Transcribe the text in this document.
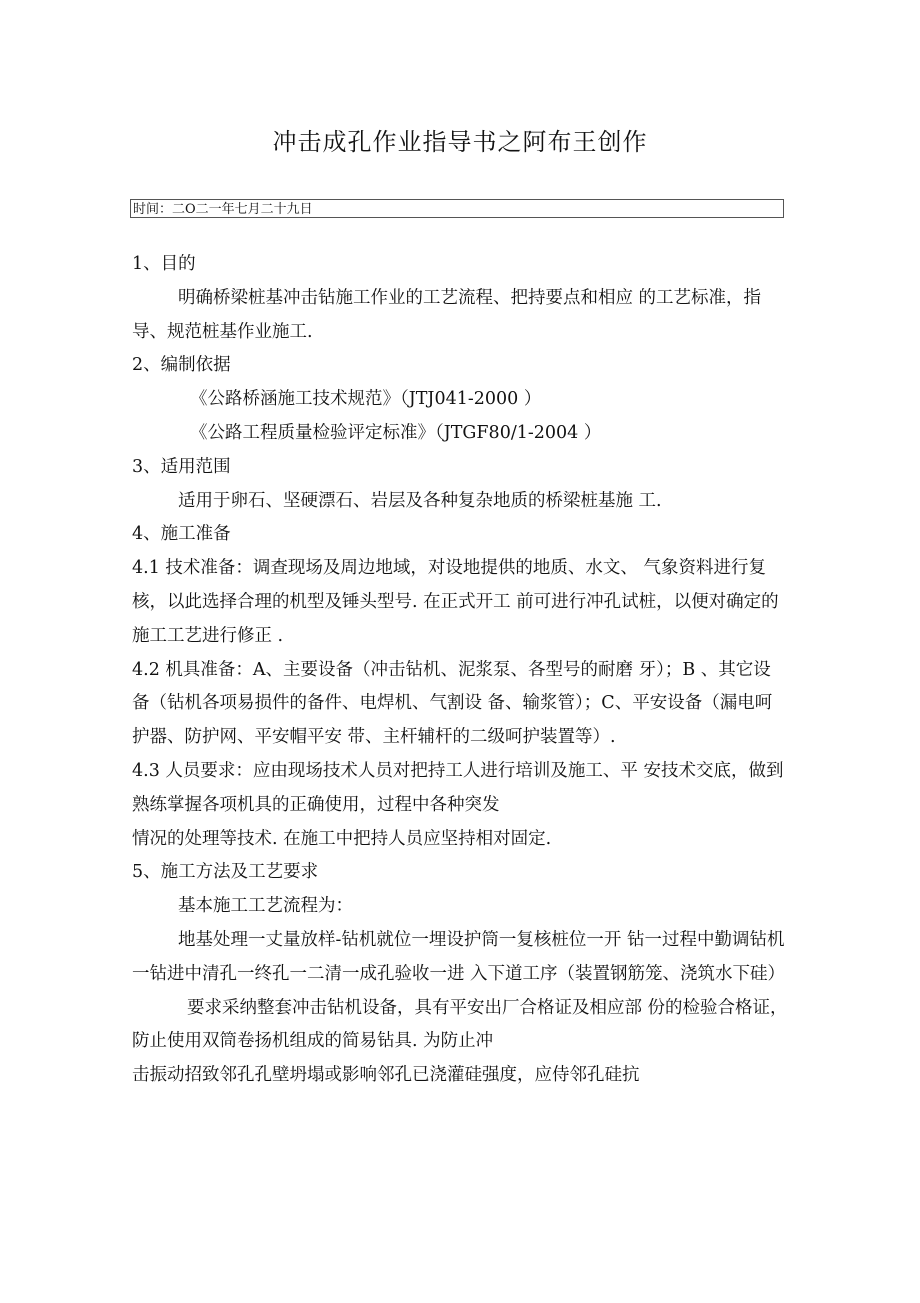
冲击成孔作业指导书之阿布王创作
时间：二O二一年七月二十九日

1、目的

明确桥梁桩基冲击钻施工作业的工艺流程、把持要点和相应 的工艺标准，指导、规范桩基作业施工.

2、编制依据

《公路桥涵施工技术规范》（JTJ041-2000 ）

《公路工程质量检验评定标准》（JTGF80/1-2004 ）

3、适用范围

适用于卵石、坚硬漂石、岩层及各种复杂地质的桥梁桩基施 工.

4、施工准备

4.1 技术准备：调查现场及周边地域，对设地提供的地质、水文、 气象资料进行复核，以此选择合理的机型及锤头型号. 在正式开工 前可进行冲孔试桩，以便对确定的施工工艺进行修正 .

4.2 机具准备：A、主要设备（冲击钻机、泥浆泵、各型号的耐磨 牙）；B 、其它设备（钻机各项易损件的备件、电焊机、气割设 备、输浆管）；C、平安设备（漏电呵护器、防护网、平安帽平安 带、主杆辅杆的二级呵护装置等）.

4.3 人员要求：应由现场技术人员对把持工人进行培训及施工、平 安技术交底，做到熟练掌握各项机具的正确使用，过程中各种突发

情况的处理等技术. 在施工中把持人员应坚持相对固定.

5、施工方法及工艺要求

基本施工工艺流程为：

地基处理一丈量放样-钻机就位一埋设护筒一复核桩位一开 钻一过程中勤调钻机一钻进中清孔一终孔一二清一成孔验收一进 入下道工序（装置钢筋笼、浇筑水下硅）

要求采纳整套冲击钻机设备，具有平安出厂合格证及相应部 份的检验合格证，防止使用双筒卷扬机组成的简易钻具. 为防止冲

击振动招致邻孔孔壁坍塌或影响邻孔已浇灌硅强度，应侍邻孔硅抗
